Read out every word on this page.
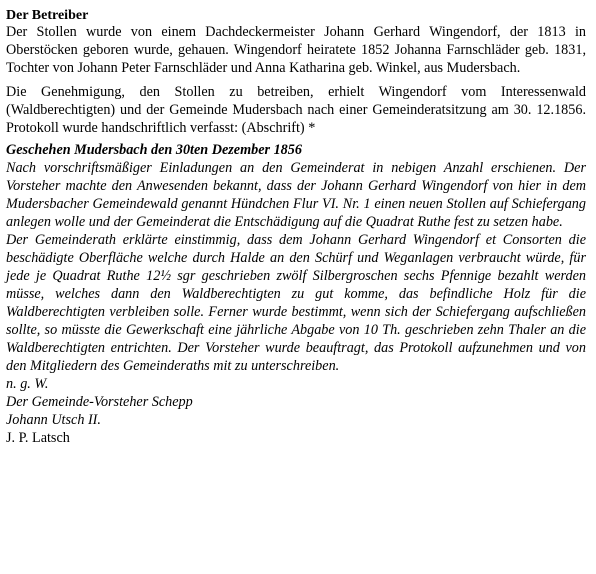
Der Betreiber

Der Stollen wurde von einem Dachdeckermeister Johann Gerhard Wingendorf, der 1813 in Oberstöcken geboren wurde, gehauen. Wingendorf heiratete 1852 Johanna Farnschläder geb. 1831, Tochter von Johann Peter Farnschläder und Anna Katharina geb. Winkel, aus Mudersbach.

Die Genehmigung, den Stollen zu betreiben, erhielt Wingendorf vom Interessenwald (Waldberechtigten) und der Gemeinde Mudersbach nach einer Gemeinderatsitzung am 30. 12.1856. Protokoll wurde handschriftlich verfasst: (Abschrift) *

Geschehen Mudersbach den 30ten Dezember 1856

Nach vorschriftsmäßiger Einladungen an den Gemeinderat in nebigen Anzahl erschienen. Der Vorsteher machte den Anwesenden bekannt, dass der Johann Gerhard Wingendorf von hier in dem Mudersbacher Gemeindewald genannt Hündchen Flur VI. Nr. 1 einen neuen Stollen auf Schiefergang anlegen wolle und der Gemeinderat die Entschädigung auf die Quadrat Ruthe fest zu setzen habe.

Der Gemeinderath erklärte einstimmig, dass dem Johann Gerhard Wingendorf et Consorten die beschädigte Oberfläche welche durch Halde an den Schürf und Weganlagen verbraucht würde, für jede je Quadrat Ruthe 12½ sgr geschrieben zwölf Silbergroschen sechs Pfennige bezahlt werden müsse, welches dann den Waldberechtigten zu gut komme, das befindliche Holz für die Waldberechtigten verbleiben solle. Ferner wurde bestimmt, wenn sich der Schiefergang aufschließen sollte, so müsste die Gewerkschaft eine jährliche Abgabe von 10 Th. geschrieben zehn Thaler an die Waldberechtigten entrichten. Der Vorsteher wurde beauftragt, das Protokoll aufzunehmen und von den Mitgliedern des Gemeinderaths mit zu unterschreiben.

n. g. W.

Der Gemeinde-Vorsteher Schepp

Johann Utsch II.

J. P. Latsch
